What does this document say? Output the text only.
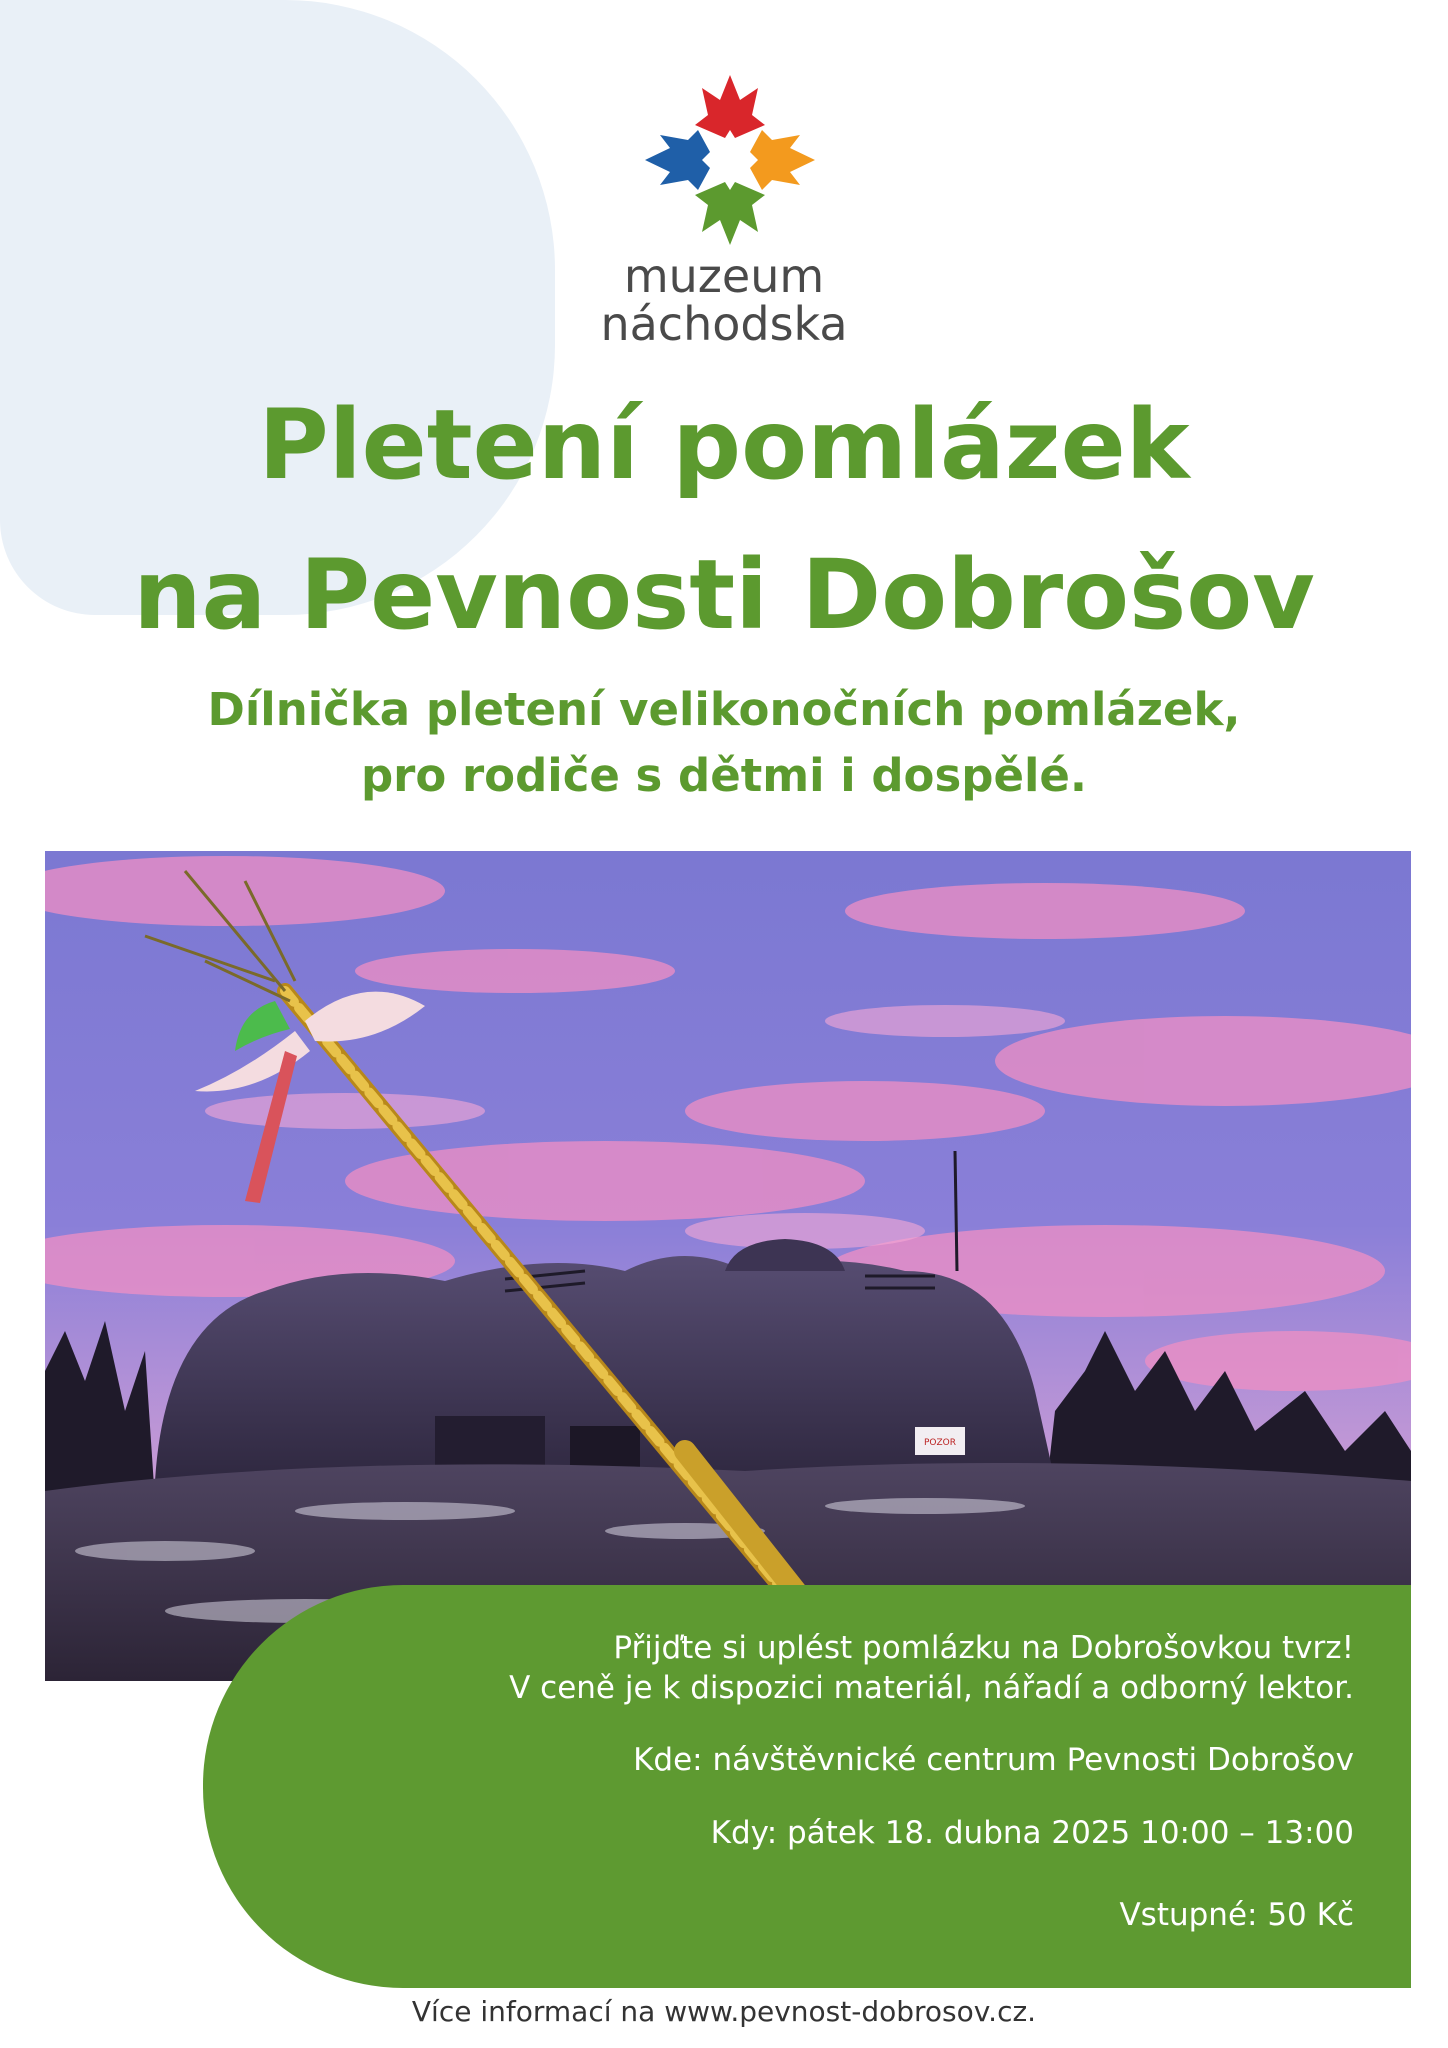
muzeum
náchodska
Pletení pomlázek
na Pevnosti Dobrošov
Dílnička pletení velikonočních pomlázek,
pro rodiče s dětmi i dospělé.
POZOR
Přijďte si uplést pomlázku na Dobrošovkou tvrz!
V ceně je k dispozici materiál, nářadí a odborný lektor.
Kde: návštěvnické centrum Pevnosti Dobrošov
Kdy: pátek 18. dubna 2025 10:00 – 13:00
Vstupné: 50 Kč
Více informací na www.pevnost-dobrosov.cz.
